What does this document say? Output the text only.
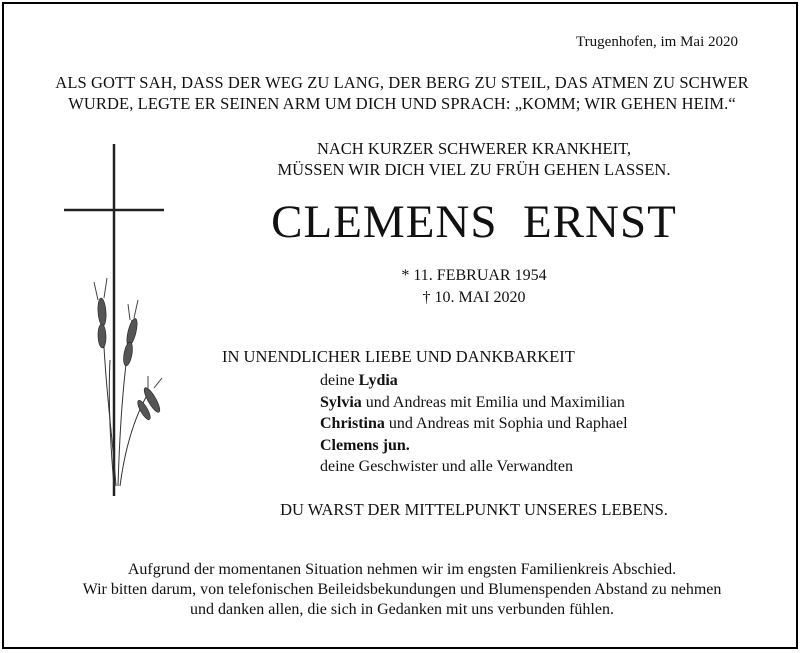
Trugenhofen, im Mai 2020
ALS GOTT SAH, DASS DER WEG ZU LANG, DER BERG ZU STEIL, DAS ATMEN ZU SCHWER
WURDE, LEGTE ER SEINEN ARM UM DICH UND SPRACH: „KOMM; WIR GEHEN HEIM.“
NACH KURZER SCHWERER KRANKHEIT,
MÜSSEN WIR DICH VIEL ZU FRÜH GEHEN LASSEN.
CLEMENS  ERNST
* 11. FEBRUAR 1954
† 10. MAI 2020
IN UNENDLICHER LIEBE UND DANKBARKEIT
deine Lydia
Sylvia und Andreas mit Emilia und Maximilian
Christina und Andreas mit Sophia und Raphael
Clemens jun.
deine Geschwister und alle Verwandten
DU WARST DER MITTELPUNKT UNSERES LEBENS.
Aufgrund der momentanen Situation nehmen wir im engsten Familienkreis Abschied.
Wir bitten darum, von telefonischen Beileidsbekundungen und Blumenspenden Abstand zu nehmen
und danken allen, die sich in Gedanken mit uns verbunden fühlen.
